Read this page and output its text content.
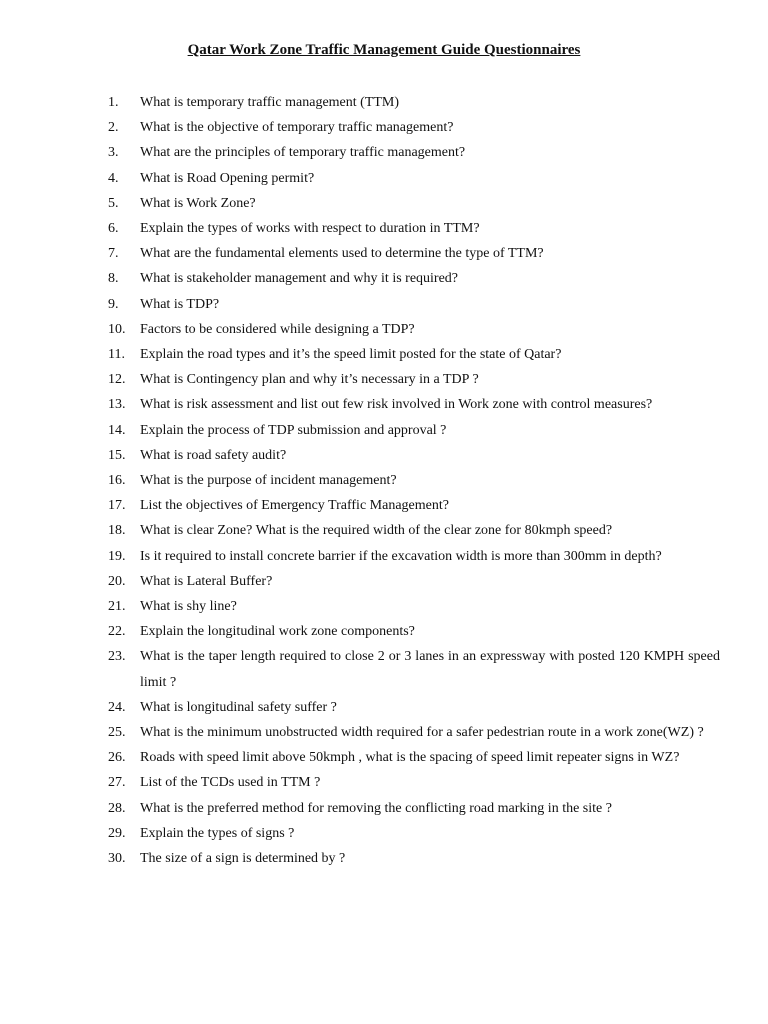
Qatar Work Zone Traffic Management Guide Questionnaires
1.	What is temporary traffic management (TTM)
2.	What is the objective of temporary traffic management?
3.	What are the principles of temporary traffic management?
4.	What is Road Opening permit?
5.	What is Work Zone?
6.	Explain the types of works with respect to duration in TTM?
7.	What are the fundamental elements used to determine the type of TTM?
8.	What is stakeholder management and why it is required?
9.	What is TDP?
10.	Factors to be considered while designing a TDP?
11.	Explain the road types and it’s the speed limit posted for the state of Qatar?
12.	What is Contingency plan and why it’s necessary in a TDP ?
13.	What is risk assessment and list out few risk involved in Work zone with control measures?
14.	Explain the process of TDP submission and approval ?
15.	What is road safety audit?
16.	What is the purpose of incident management?
17.	List the objectives of Emergency Traffic Management?
18.	What is clear Zone? What is the required width of the clear zone for 80kmph speed?
19.	Is it required to install concrete barrier if the excavation width is more than 300mm in depth?
20.	What is Lateral Buffer?
21.	What is shy line?
22.	Explain the longitudinal work zone components?
23.	What is the taper length required to close 2 or 3 lanes in an expressway with posted 120 KMPH speed limit ?
24.	What is longitudinal safety suffer ?
25.	What is the minimum unobstructed width required for a safer pedestrian route in a work zone(WZ) ?
26.	Roads with speed limit above 50kmph , what is the spacing of speed limit repeater signs in WZ?
27.	List of the TCDs used in TTM ?
28.	What is the preferred method for removing the conflicting road marking in the site ?
29.	Explain the types of signs ?
30.	The size of a sign is determined by ?
